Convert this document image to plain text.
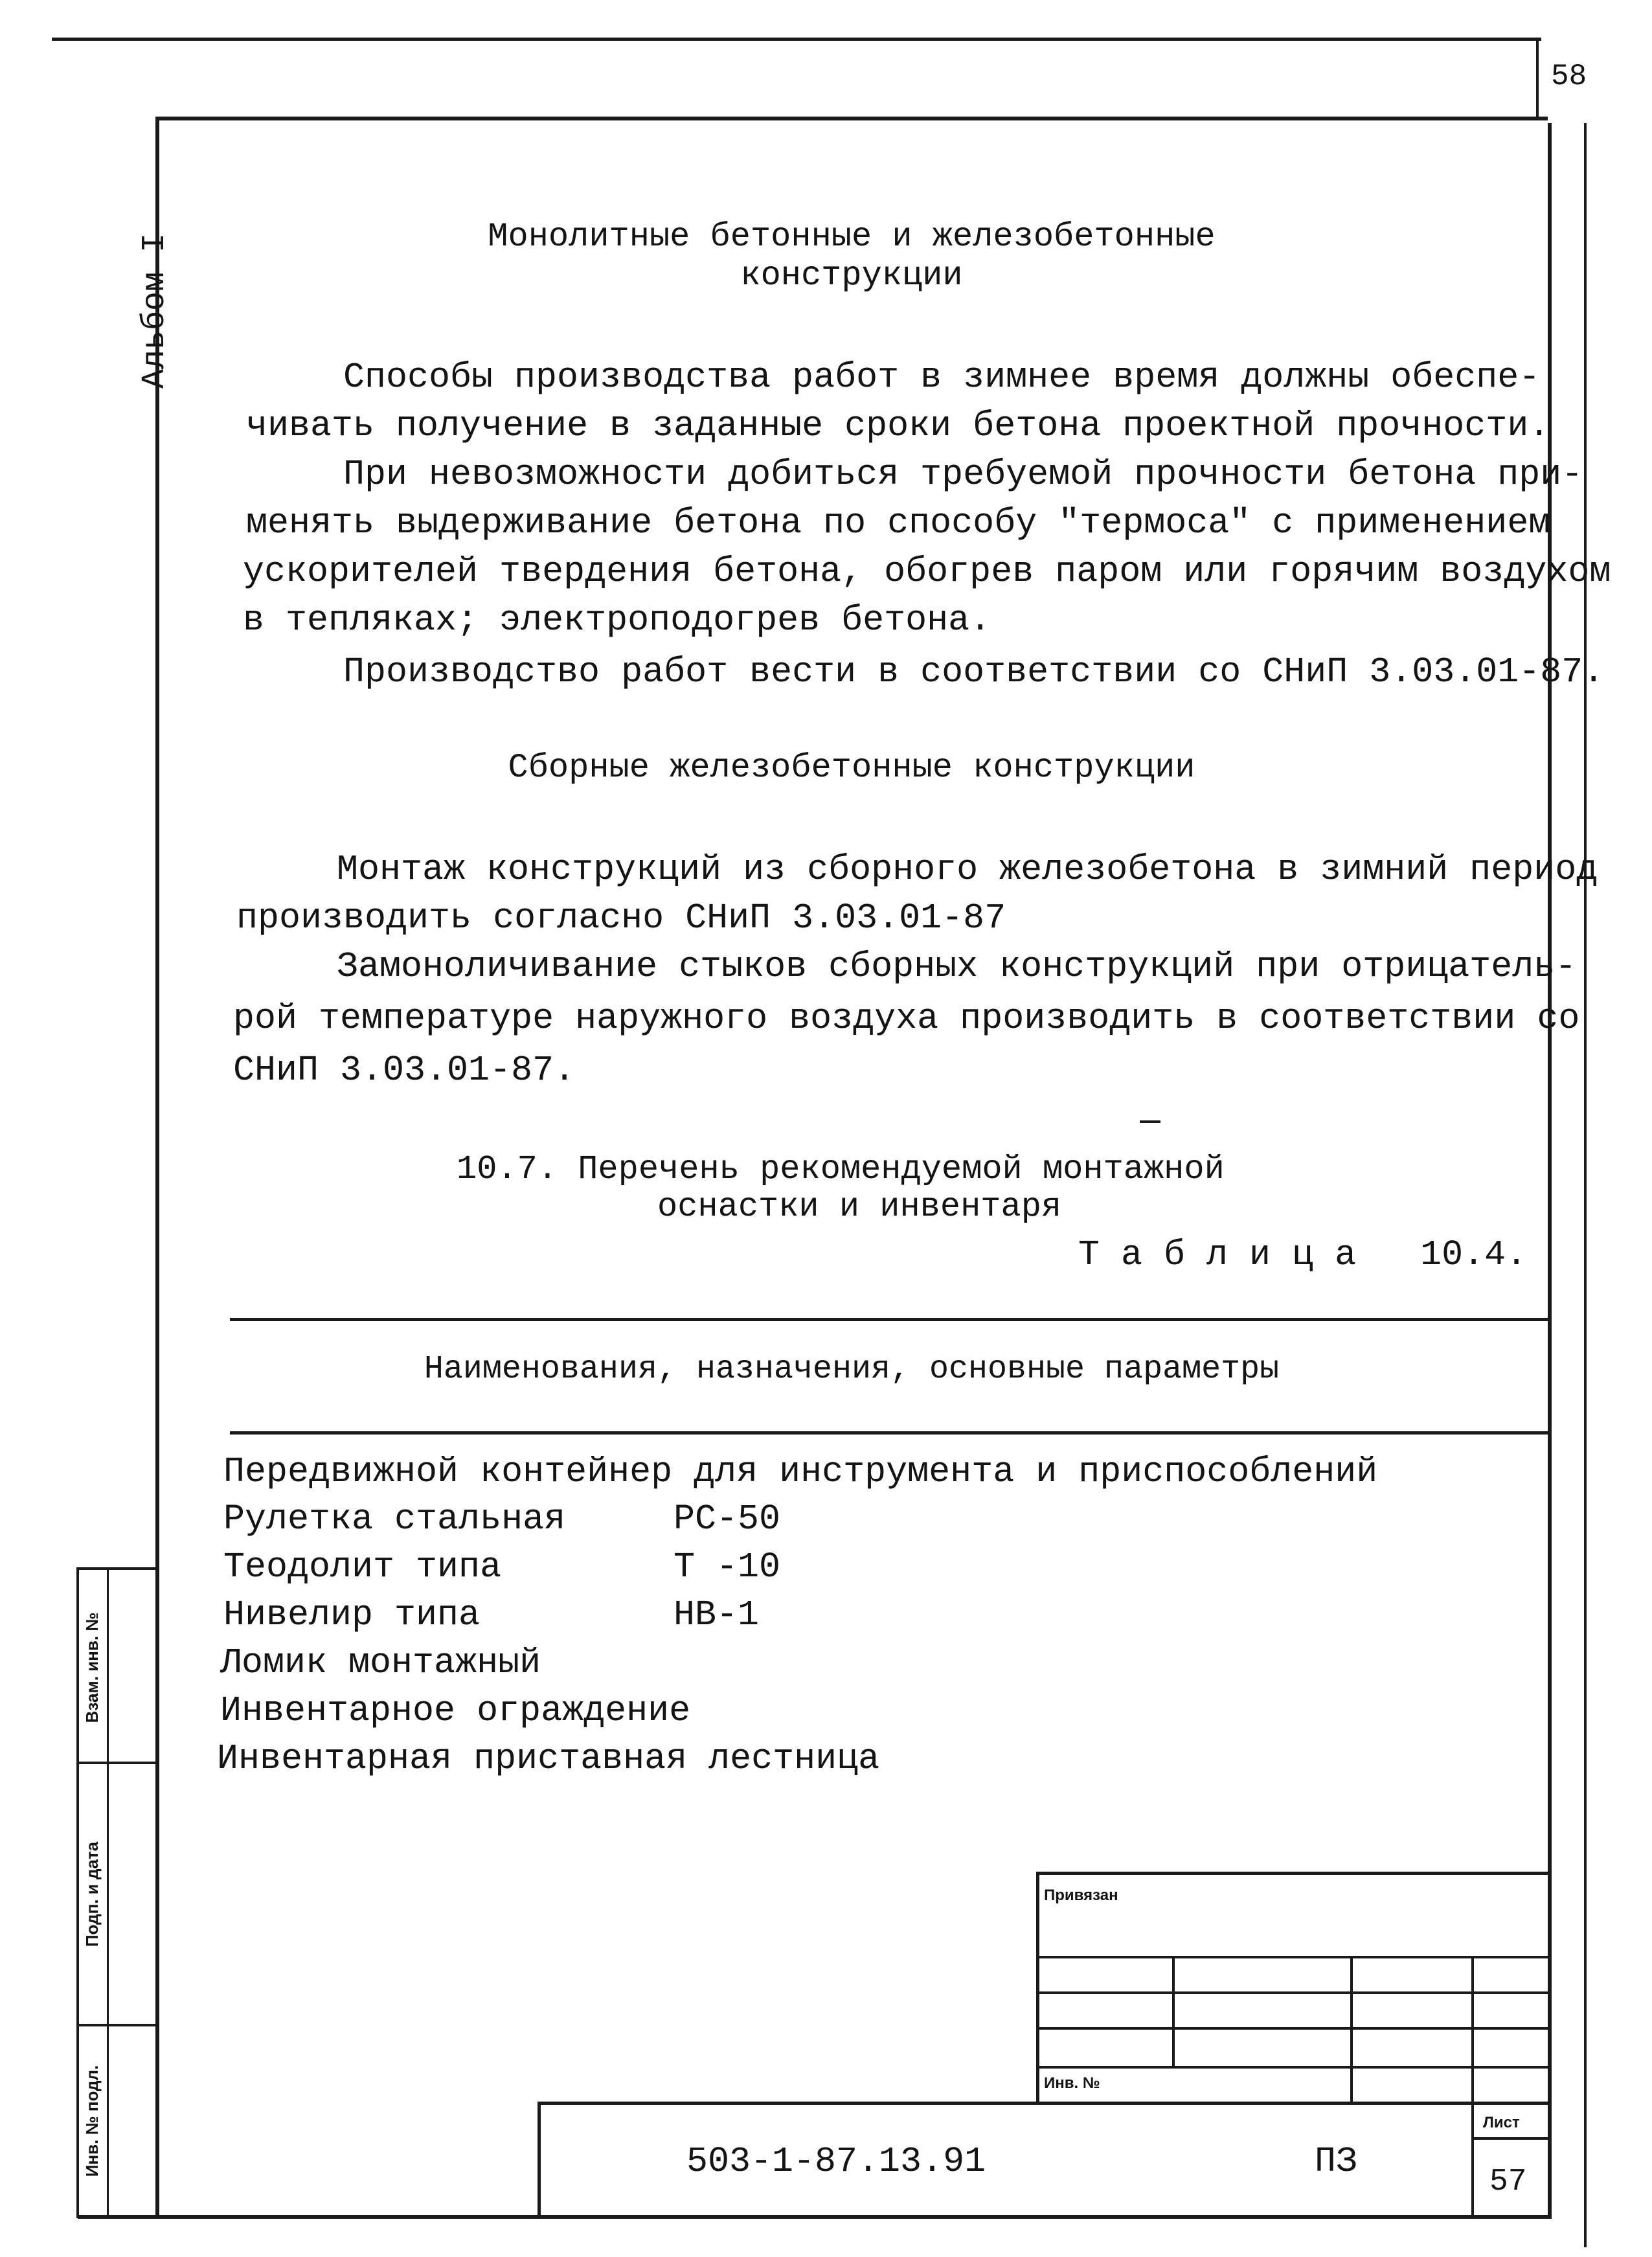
58
Альбом I	Монолитные бетонные и железобетонные
конструкции
Способы производства работ в зимнее время должны обеспе-
чивать получение в заданные сроки бетона проектной прочности.
При невозможности добиться требуемой прочности бетона при-
менять выдерживание бетона по способу "термоса" с применением
ускорителей твердения бетона, обогрев паром или горячим воздухом
в тепляках; электроподогрев бетона.
Производство работ вести в соответствии со СНиП 3.03.01-87.
Сборные железобетонные конструкции
Монтаж конструкций из сборного железобетона в зимний период
производить согласно СНиП 3.03.01-87
Замоноличивание стыков сборных конструкций при отрицатель-
рой температуре наружного воздуха производить в соответствии со
СНиП 3.03.01-87.
10.7. Перечень рекомендуемой монтажной
оснастки и инвентаря
Т а б л и ц а   10.4.
Наименования, назначения, основные параметры
Передвижной контейнер для инструмента и приспособлений
Рулетка стальная	РС-50
Теодолит типа	Т -10
Нивелир типа	НВ-1
Ломик монтажный
Инвентарное ограждение
Инвентарная приставная лестница
Взам. инв. №
Подп. и дата
Инв. № подл.
Привязан
Инв. №
503-1-87.13.91	ПЗ
Лист
57
